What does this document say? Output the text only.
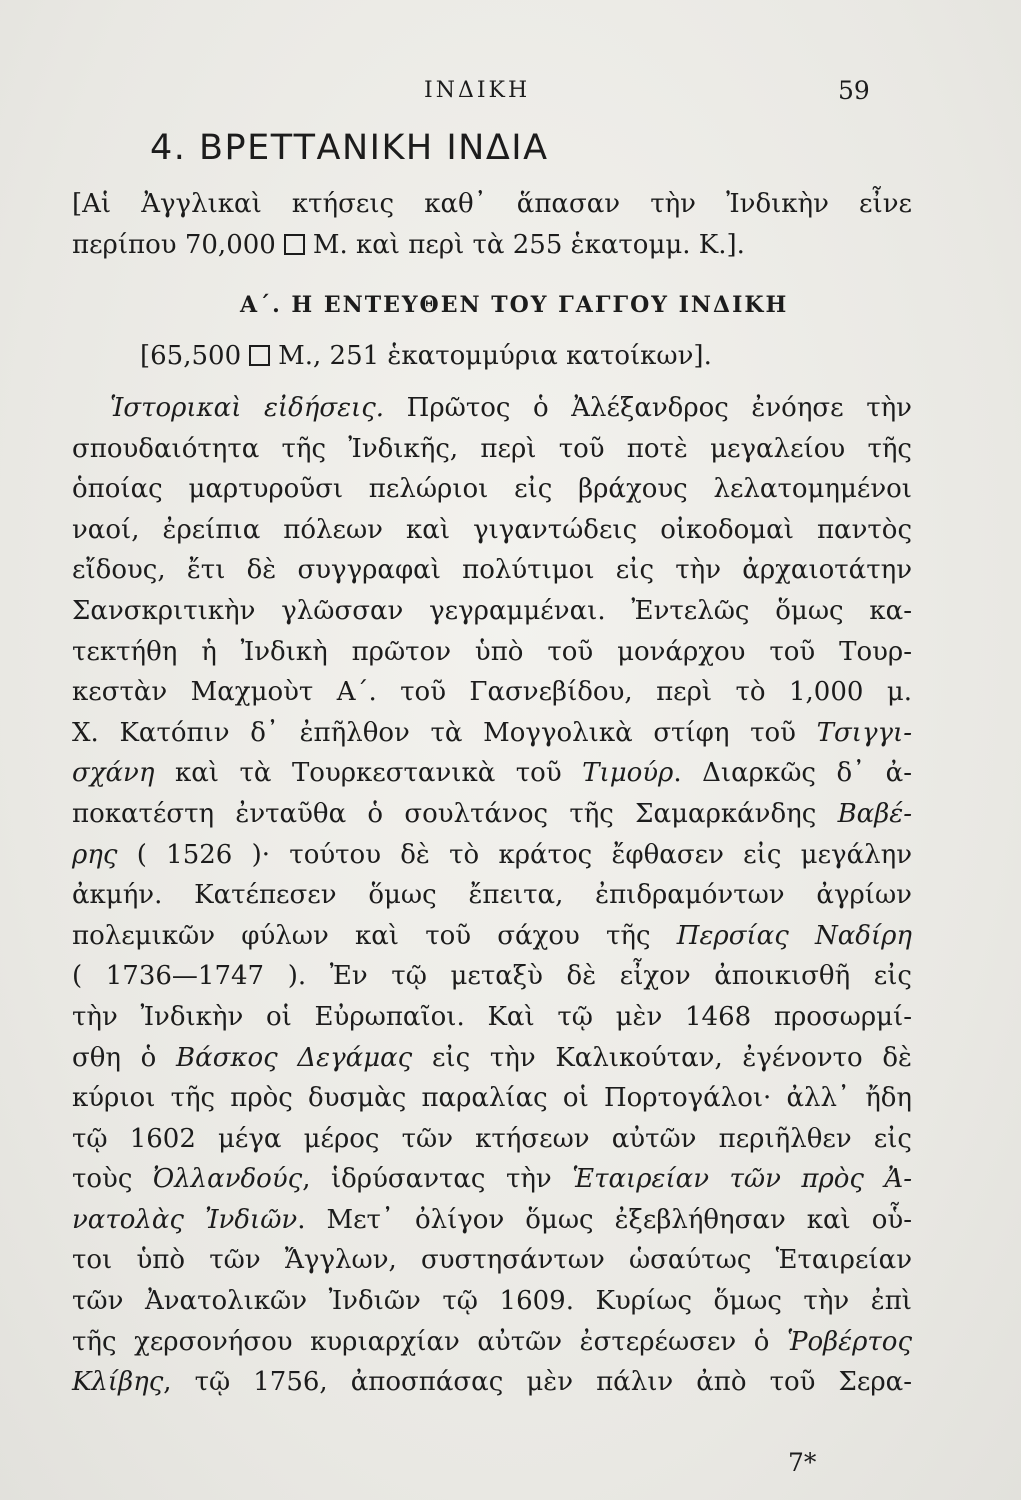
ΙΝΔΙΚΗ	59
4. ΒΡΕΤΤΑΝΙΚΗ ΙΝΔΙΑ
[Αἱ Ἀγγλικαὶ κτήσεις καθ᾽ ἅπασαν τὴν Ἰνδικὴν εἶνε
περίπου 70,000 Μ. καὶ περὶ τὰ 255 ἑκατομμ. Κ.].
Α΄. Η ΕΝΤΕΥΘΕΝ ΤΟΥ ΓΑΓΓΟΥ ΙΝΔΙΚΗ
[65,500 Μ., 251 ἑκατομμύρια κατοίκων].
Ἱστορικαὶ εἰδήσεις. Πρῶτος ὁ Ἀλέξανδρος ἐνόησε τὴν
σπουδαιότητα τῆς Ἰνδικῆς, περὶ τοῦ ποτὲ μεγαλείου τῆς
ὁποίας μαρτυροῦσι πελώριοι εἰς βράχους λελατομημένοι
ναοί, ἐρείπια πόλεων καὶ γιγαντώδεις οἰκοδομαὶ παντὸς
εἴδους, ἔτι δὲ συγγραφαὶ πολύτιμοι εἰς τὴν ἀρχαιοτάτην
Σανσκριτικὴν γλῶσσαν γεγραμμέναι. Ἐντελῶς ὅμως κα-
τεκτήθη ἡ Ἰνδικὴ πρῶτον ὑπὸ τοῦ μονάρχου τοῦ Τουρ-
κεστὰν Μαχμοὺτ Α΄. τοῦ Γασνεβίδου, περὶ τὸ 1,000 μ.
Χ. Κατόπιν δ᾽ ἐπῆλθον τὰ Μογγολικὰ στίφη τοῦ Τσιγγι-
σχάνη καὶ τὰ Τουρκεστανικὰ τοῦ Τιμούρ. Διαρκῶς δ᾽ ἀ-
ποκατέστη ἐνταῦθα ὁ σουλτάνος τῆς Σαμαρκάνδης Βαβέ-
ρης ( 1526 )· τούτου δὲ τὸ κράτος ἔφθασεν εἰς μεγάλην
ἀκμήν. Κατέπεσεν ὅμως ἔπειτα, ἐπιδραμόντων ἀγρίων
πολεμικῶν φύλων καὶ τοῦ σάχου τῆς Περσίας Ναδίρη
( 1736—1747 ). Ἐν τῷ μεταξὺ δὲ εἶχον ἀποικισθῆ εἰς
τὴν Ἰνδικὴν οἱ Εὐρωπαῖοι. Καὶ τῷ μὲν 1468 προσωρμί-
σθη ὁ Βάσκος Δεγάμας εἰς τὴν Καλικούταν, ἐγένοντο δὲ
κύριοι τῆς πρὸς δυσμὰς παραλίας οἱ Πορτογάλοι· ἀλλ᾽ ἤδη
τῷ 1602 μέγα μέρος τῶν κτήσεων αὐτῶν περιῆλθεν εἰς
τοὺς Ὀλλανδούς, ἱδρύσαντας τὴν Ἑταιρείαν τῶν πρὸς Ἀ-
νατολὰς Ἰνδιῶν. Μετ᾽ ὀλίγον ὅμως ἐξεβλήθησαν καὶ οὗ-
τοι ὑπὸ τῶν Ἄγγλων, συστησάντων ὡσαύτως Ἑταιρείαν
τῶν Ἀνατολικῶν Ἰνδιῶν τῷ 1609. Κυρίως ὅμως τὴν ἐπὶ
τῆς χερσονήσου κυριαρχίαν αὐτῶν ἐστερέωσεν ὁ Ῥοβέρτος
Κλίβης, τῷ 1756, ἀποσπάσας μὲν πάλιν ἀπὸ τοῦ Σερα-
7*
